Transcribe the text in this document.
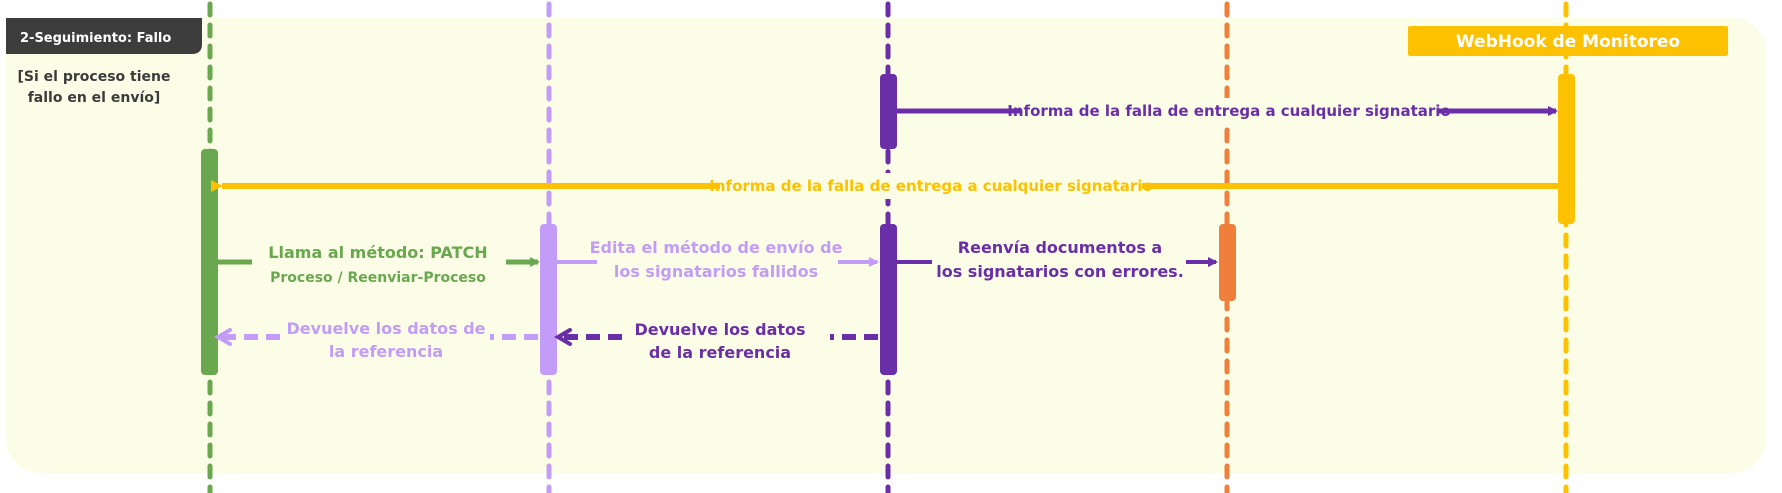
2-Seguimiento: Fallo
[Si el proceso tiene
fallo en el envío]
WebHook de Monitoreo
Informa de la falla de entrega a cualquier signatario
Informa de la falla de entrega a cualquier signatario
Llama al método: PATCH
Proceso / Reenviar-Proceso
Edita el método de envío de
los signatarios fallidos
Reenvía documentos a
los signatarios con errores.
Devuelve los datos
de la referencia
Devuelve los datos de
la referencia
